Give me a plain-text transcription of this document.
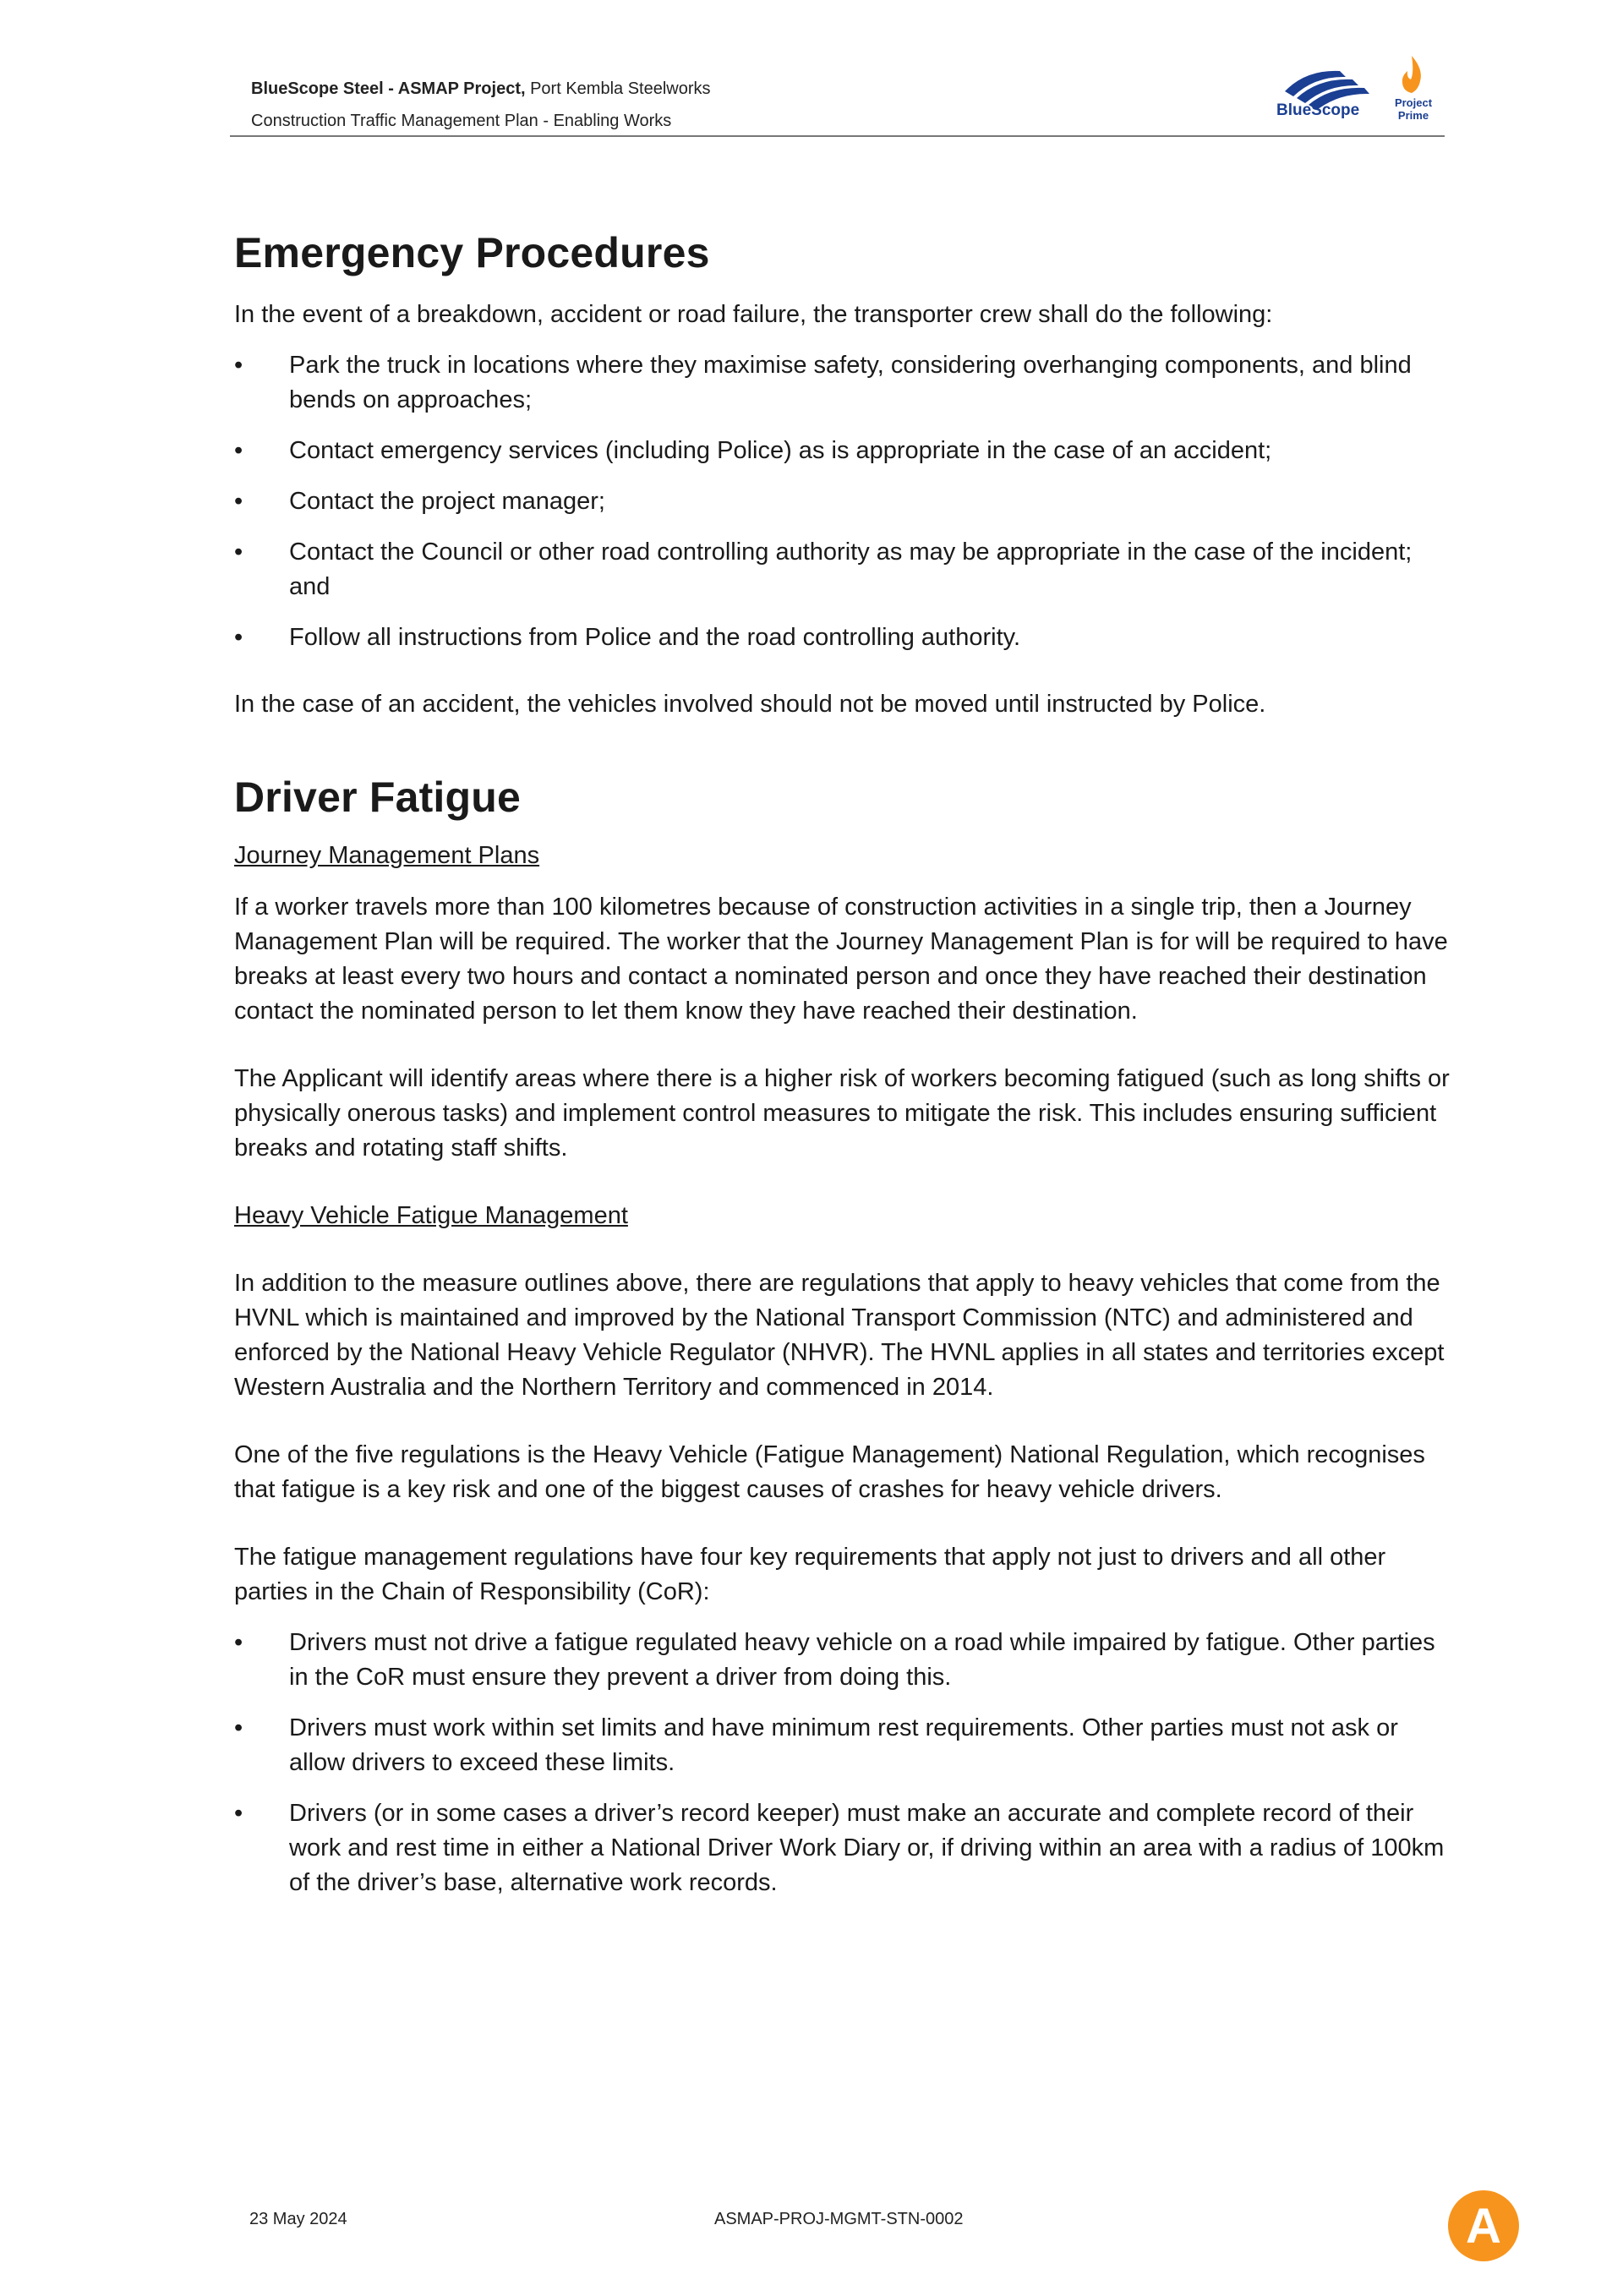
BlueScope Steel - ASMAP Project, Port Kembla Steelworks
Construction Traffic Management Plan - Enabling Works
BlueScope	Project
Prime
Emergency Procedures

In the event of a breakdown, accident or road failure, the transporter crew shall do the following:

• Park the truck in locations where they maximise safety, considering overhanging components, and blind bends on approaches;
• Contact emergency services (including Police) as is appropriate in the case of an accident;
• Contact the project manager;
• Contact the Council or other road controlling authority as may be appropriate in the case of the incident; and
• Follow all instructions from Police and the road controlling authority.

In the case of an accident, the vehicles involved should not be moved until instructed by Police.

Driver Fatigue
Journey Management Plans

If a worker travels more than 100 kilometres because of construction activities in a single trip, then a Journey Management Plan will be required. The worker that the Journey Management Plan is for will be required to have breaks at least every two hours and contact a nominated person and once they have reached their destination contact the nominated person to let them know they have reached their destination.

The Applicant will identify areas where there is a higher risk of workers becoming fatigued (such as long shifts or physically onerous tasks) and implement control measures to mitigate the risk. This includes ensuring sufficient breaks and rotating staff shifts.

Heavy Vehicle Fatigue Management

In addition to the measure outlines above, there are regulations that apply to heavy vehicles that come from the HVNL which is maintained and improved by the National Transport Commission (NTC) and administered and enforced by the National Heavy Vehicle Regulator (NHVR). The HVNL applies in all states and territories except Western Australia and the Northern Territory and commenced in 2014.

One of the five regulations is the Heavy Vehicle (Fatigue Management) National Regulation, which recognises that fatigue is a key risk and one of the biggest causes of crashes for heavy vehicle drivers.

The fatigue management regulations have four key requirements that apply not just to drivers and all other parties in the Chain of Responsibility (CoR):

• Drivers must not drive a fatigue regulated heavy vehicle on a road while impaired by fatigue. Other parties in the CoR must ensure they prevent a driver from doing this.
• Drivers must work within set limits and have minimum rest requirements. Other parties must not ask or allow drivers to exceed these limits.
• Drivers (or in some cases a driver’s record keeper) must make an accurate and complete record of their work and rest time in either a National Driver Work Diary or, if driving within an area with a radius of 100km of the driver’s base, alternative work records.
23 May 2024	ASMAP-PROJ-MGMT-STN-0002	A
